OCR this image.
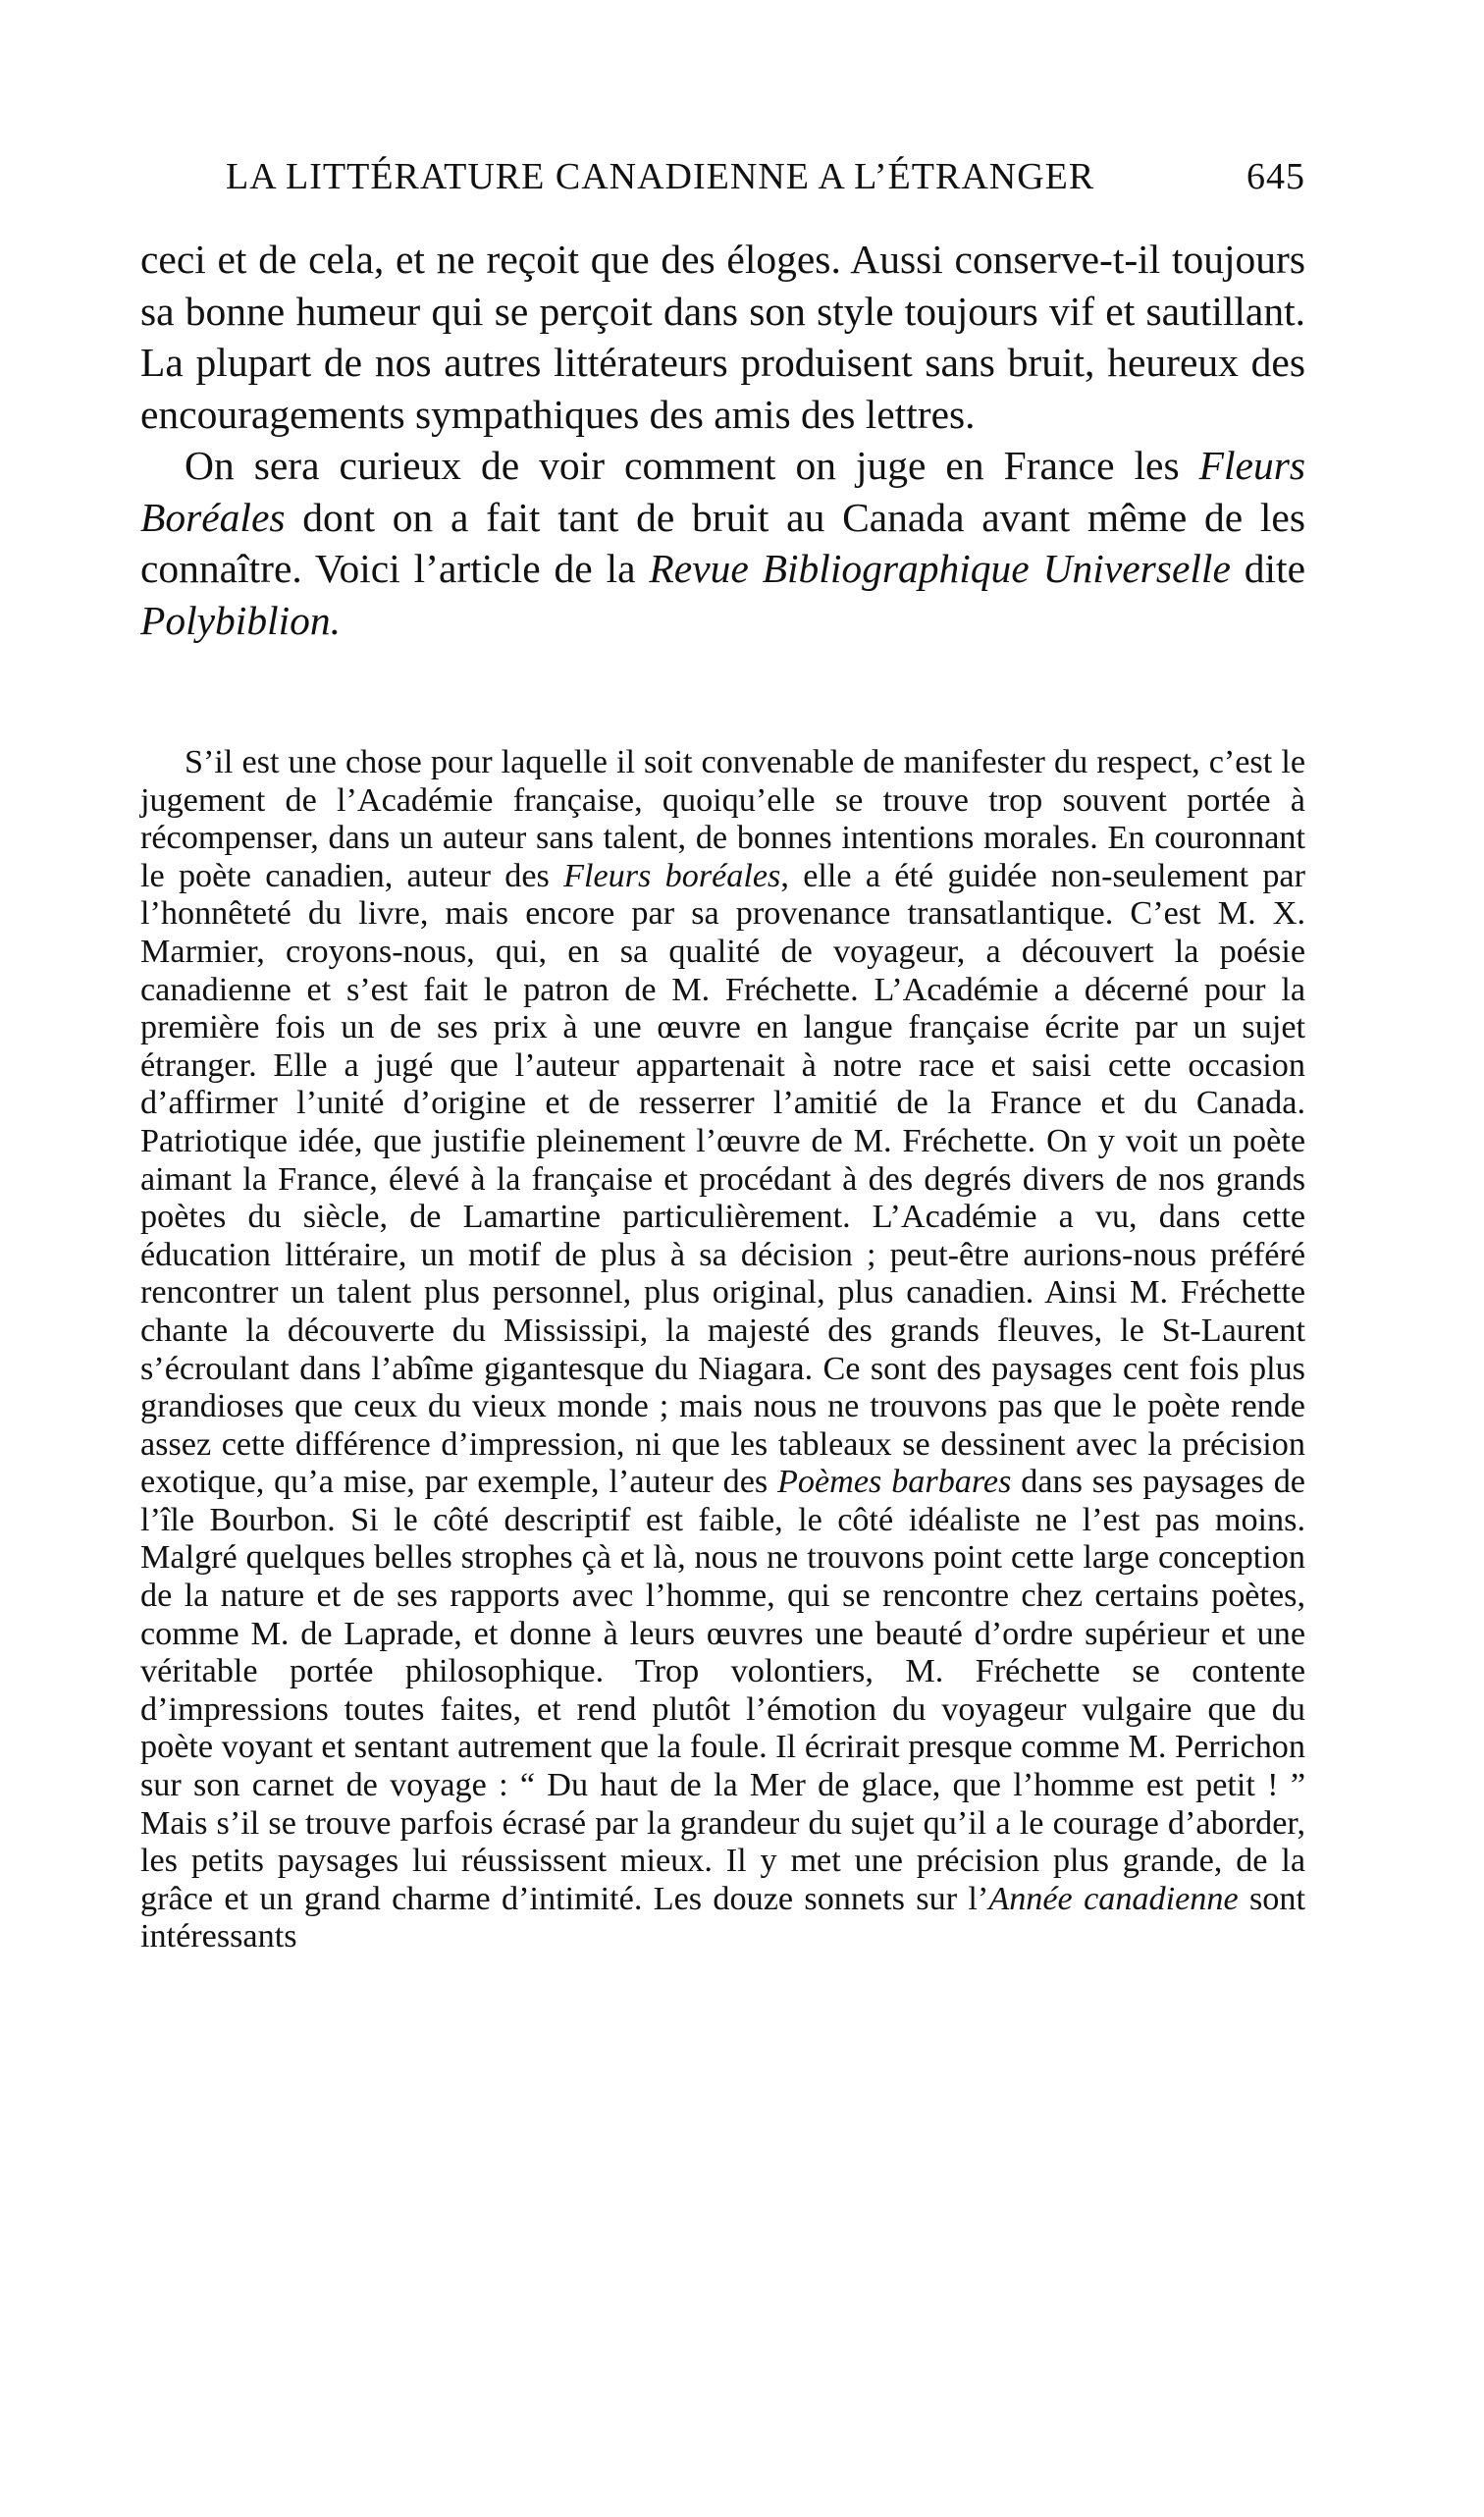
LA LITTÉRATURE CANADIENNE A L’ÉTRANGER	645

ceci et de cela, et ne reçoit que des éloges. Aussi conserve-t-il toujours sa bonne humeur qui se perçoit dans son style toujours vif et sautillant. La plupart de nos autres littérateurs produisent sans bruit, heureux des encouragements sympathiques des amis des lettres.

On sera curieux de voir comment on juge en France les Fleurs Boréales dont on a fait tant de bruit au Canada avant même de les connaître. Voici l’article de la Revue Bibliographique Universelle dite Polybiblion.

S’il est une chose pour laquelle il soit convenable de manifester du respect, c’est le jugement de l’Académie française, quoiqu’elle se trouve trop souvent portée à récompenser, dans un auteur sans talent, de bonnes intentions morales. En couronnant le poète canadien, auteur des Fleurs boréales, elle a été guidée non-seulement par l’honnêteté du livre, mais encore par sa provenance transatlantique. C’est M. X. Marmier, croyons-nous, qui, en sa qualité de voyageur, a découvert la poésie canadienne et s’est fait le patron de M. Fréchette. L’Académie a décerné pour la première fois un de ses prix à une œuvre en langue française écrite par un sujet étranger. Elle a jugé que l’auteur appartenait à notre race et saisi cette occasion d’affirmer l’unité d’origine et de resserrer l’amitié de la France et du Canada. Patriotique idée, que justifie pleinement l’œuvre de M. Fréchette. On y voit un poète aimant la France, élevé à la française et procédant à des degrés divers de nos grands poètes du siècle, de Lamartine particulièrement. L’Académie a vu, dans cette éducation littéraire, un motif de plus à sa décision ; peut-être aurions-nous préféré rencontrer un talent plus personnel, plus original, plus canadien. Ainsi M. Fréchette chante la découverte du Mississipi, la majesté des grands fleuves, le St-Laurent s’écroulant dans l’abîme gigantesque du Niagara. Ce sont des paysages cent fois plus grandioses que ceux du vieux monde ; mais nous ne trouvons pas que le poète rende assez cette différence d’impression, ni que les tableaux se dessinent avec la précision exotique, qu’a mise, par exemple, l’auteur des Poèmes barbares dans ses paysages de l’île Bourbon. Si le côté descriptif est faible, le côté idéaliste ne l’est pas moins. Malgré quelques belles strophes çà et là, nous ne trouvons point cette large conception de la nature et de ses rapports avec l’homme, qui se rencontre chez certains poètes, comme M. de Laprade, et donne à leurs œuvres une beauté d’ordre supérieur et une véritable portée philosophique. Trop volontiers, M. Fréchette se contente d’impressions toutes faites, et rend plutôt l’émotion du voyageur vulgaire que du poète voyant et sentant autrement que la foule. Il écrirait presque comme M. Perrichon sur son carnet de voyage : “ Du haut de la Mer de glace, que l’homme est petit ! ” Mais s’il se trouve parfois écrasé par la grandeur du sujet qu’il a le courage d’aborder, les petits paysages lui réussissent mieux. Il y met une précision plus grande, de la grâce et un grand charme d’intimité. Les douze sonnets sur l’Année canadienne sont intéressants
